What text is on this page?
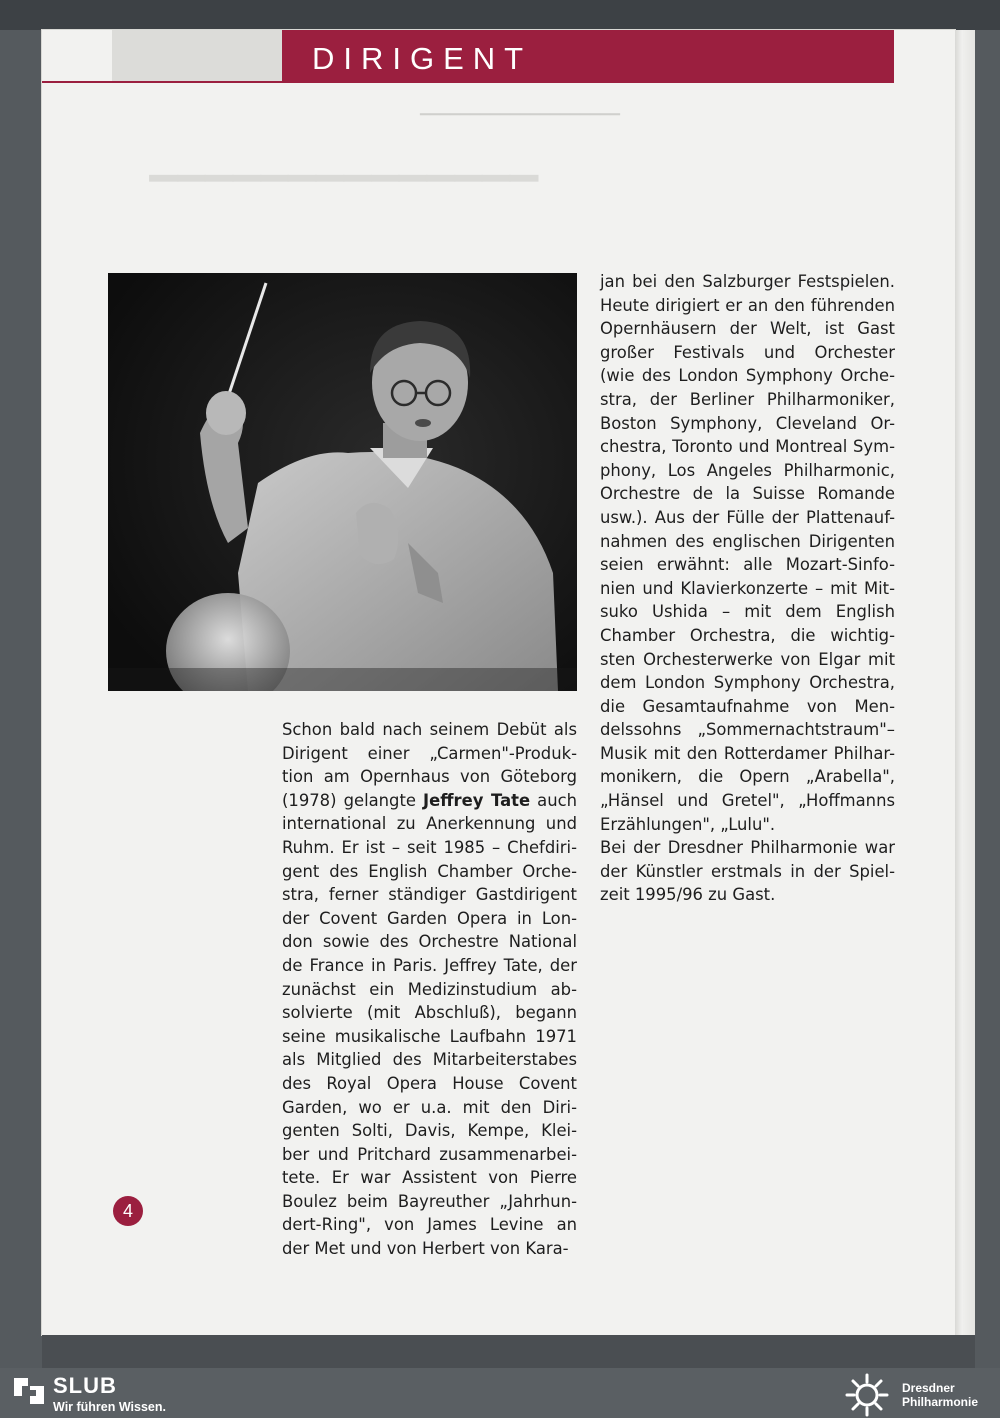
▔▔▔▔▔▔▔▔▔▔▔▔▔▔
▁▁▁▁▁▁▁▁▁▁▁▁▁▁▁▁▁▁▁▁
DIRIGENT
Schon bald nach seinem Debüt als
Dirigent einer „Carmen"-Produk-
tion am Opernhaus von Göteborg
(1978) gelangte Jeffrey Tate auch
international zu Anerkennung und
Ruhm. Er ist – seit 1985 – Chefdiri-
gent des English Chamber Orche-
stra, ferner ständiger Gastdirigent
der Covent Garden Opera in Lon-
don sowie des Orchestre National
de France in Paris. Jeffrey Tate, der
zunächst ein Medizinstudium ab-
solvierte (mit Abschluß), begann
seine musikalische Laufbahn 1971
als Mitglied des Mitarbeiterstabes
des Royal Opera House Covent
Garden, wo er u.a. mit den Diri-
genten Solti, Davis, Kempe, Klei-
ber und Pritchard zusammenarbei-
tete. Er war Assistent von Pierre
Boulez beim Bayreuther „Jahrhun-
dert-Ring", von James Levine an
der Met und von Herbert von Kara-
jan bei den Salzburger Festspielen.
Heute dirigiert er an den führenden
Opernhäusern der Welt, ist Gast
großer Festivals und Orchester
(wie des London Symphony Orche-
stra, der Berliner Philharmoniker,
Boston Symphony, Cleveland Or-
chestra, Toronto und Montreal Sym-
phony, Los Angeles Philharmonic,
Orchestre de la Suisse Romande
usw.). Aus der Fülle der Plattenauf-
nahmen des englischen Dirigenten
seien erwähnt: alle Mozart-Sinfo-
nien und Klavierkonzerte – mit Mit-
suko Ushida – mit dem English
Chamber Orchestra, die wichtig-
sten Orchesterwerke von Elgar mit
dem London Symphony Orchestra,
die Gesamtaufnahme von Men-
delssohns „Sommernachtstraum"–
Musik mit den Rotterdamer Philhar-
monikern, die Opern „Arabella",
„Hänsel und Gretel", „Hoffmanns
Erzählungen", „Lulu".
Bei der Dresdner Philharmonie war
der Künstler erstmals in der Spiel-
zeit 1995/96 zu Gast.
4
SLUB
Wir führen Wissen.
Dresdner
Philharmonie
